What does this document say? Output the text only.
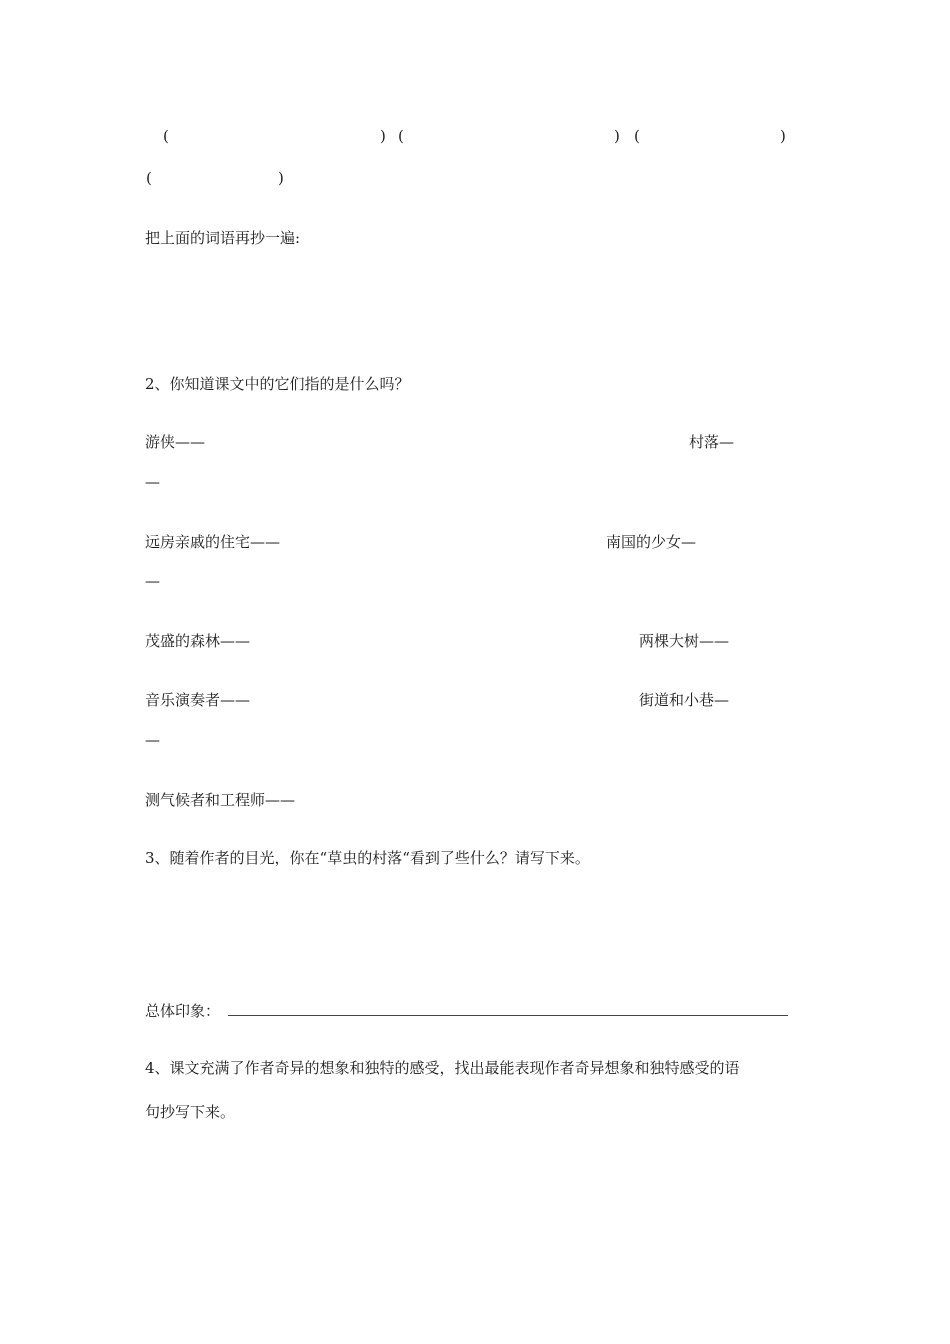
(	) (	) (	)
(	)
把上面的词语再抄一遍:
2、你知道课文中的它们指的是什么吗？
游侠——	村落—
—
远房亲戚的住宅——	南国的少女—
—
茂盛的森林——	两棵大树——
音乐演奏者——	街道和小巷—
—
测气候者和工程师——
3、随着作者的目光，你在“草虫的村落“看到了些什么？请写下来。
总体印象：
4、课文充满了作者奇异的想象和独特的感受，找出最能表现作者奇异想象和独特感受的语
句抄写下来。
